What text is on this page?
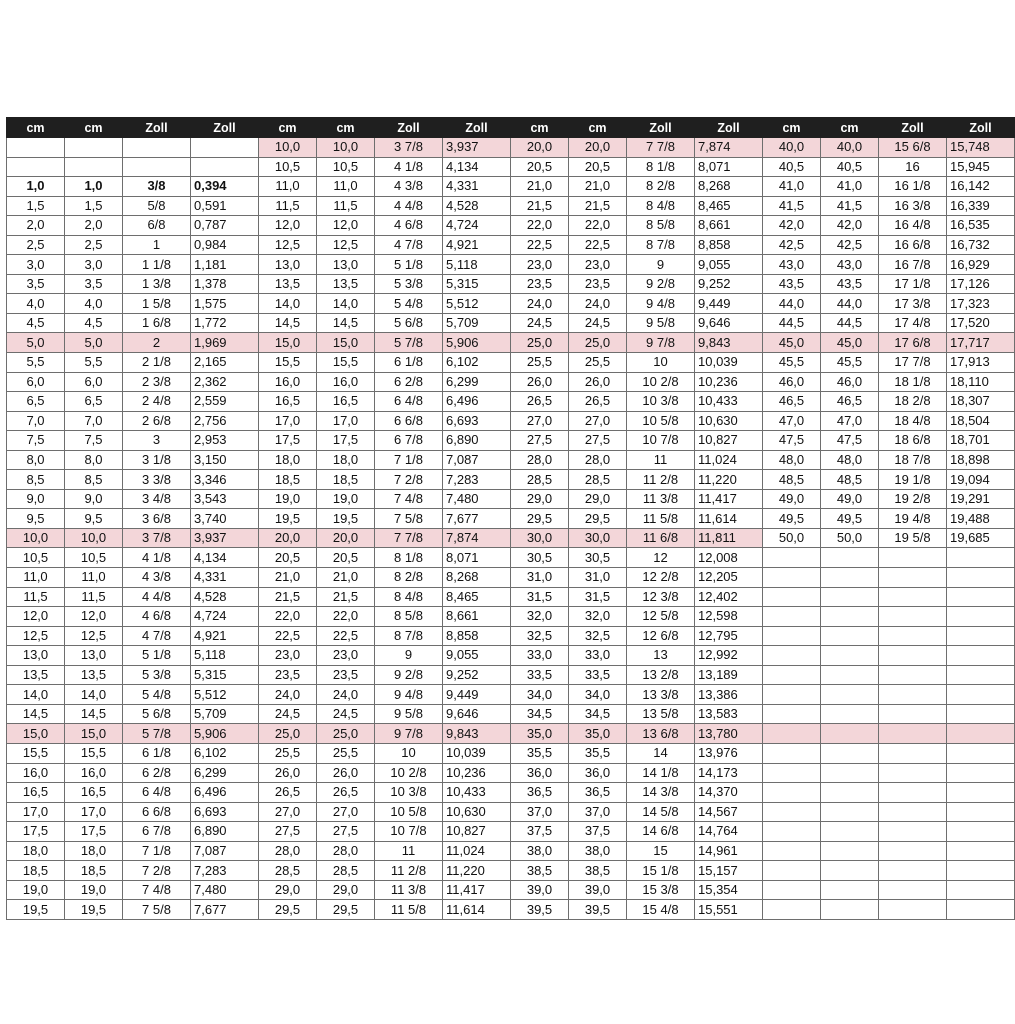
cm	cm	Zoll	Zoll	cm	cm	Zoll	Zoll	cm	cm	Zoll	Zoll	cm	cm	Zoll	Zoll
				10,0	10,0	3 7/8	3,937	20,0	20,0	7 7/8	7,874	40,0	40,0	15 6/8	15,748
				10,5	10,5	4 1/8	4,134	20,5	20,5	8 1/8	8,071	40,5	40,5	16	15,945
1,0	1,0	3/8	0,394	11,0	11,0	4 3/8	4,331	21,0	21,0	8 2/8	8,268	41,0	41,0	16 1/8	16,142
1,5	1,5	5/8	0,591	11,5	11,5	4 4/8	4,528	21,5	21,5	8 4/8	8,465	41,5	41,5	16 3/8	16,339
2,0	2,0	6/8	0,787	12,0	12,0	4 6/8	4,724	22,0	22,0	8 5/8	8,661	42,0	42,0	16 4/8	16,535
2,5	2,5	1	0,984	12,5	12,5	4 7/8	4,921	22,5	22,5	8 7/8	8,858	42,5	42,5	16 6/8	16,732
3,0	3,0	1 1/8	1,181	13,0	13,0	5 1/8	5,118	23,0	23,0	9	9,055	43,0	43,0	16 7/8	16,929
3,5	3,5	1 3/8	1,378	13,5	13,5	5 3/8	5,315	23,5	23,5	9 2/8	9,252	43,5	43,5	17 1/8	17,126
4,0	4,0	1 5/8	1,575	14,0	14,0	5 4/8	5,512	24,0	24,0	9 4/8	9,449	44,0	44,0	17 3/8	17,323
4,5	4,5	1 6/8	1,772	14,5	14,5	5 6/8	5,709	24,5	24,5	9 5/8	9,646	44,5	44,5	17 4/8	17,520
5,0	5,0	2	1,969	15,0	15,0	5 7/8	5,906	25,0	25,0	9 7/8	9,843	45,0	45,0	17 6/8	17,717
5,5	5,5	2 1/8	2,165	15,5	15,5	6 1/8	6,102	25,5	25,5	10	10,039	45,5	45,5	17 7/8	17,913
6,0	6,0	2 3/8	2,362	16,0	16,0	6 2/8	6,299	26,0	26,0	10 2/8	10,236	46,0	46,0	18 1/8	18,110
6,5	6,5	2 4/8	2,559	16,5	16,5	6 4/8	6,496	26,5	26,5	10 3/8	10,433	46,5	46,5	18 2/8	18,307
7,0	7,0	2 6/8	2,756	17,0	17,0	6 6/8	6,693	27,0	27,0	10 5/8	10,630	47,0	47,0	18 4/8	18,504
7,5	7,5	3	2,953	17,5	17,5	6 7/8	6,890	27,5	27,5	10 7/8	10,827	47,5	47,5	18 6/8	18,701
8,0	8,0	3 1/8	3,150	18,0	18,0	7 1/8	7,087	28,0	28,0	11	11,024	48,0	48,0	18 7/8	18,898
8,5	8,5	3 3/8	3,346	18,5	18,5	7 2/8	7,283	28,5	28,5	11 2/8	11,220	48,5	48,5	19 1/8	19,094
9,0	9,0	3 4/8	3,543	19,0	19,0	7 4/8	7,480	29,0	29,0	11 3/8	11,417	49,0	49,0	19 2/8	19,291
9,5	9,5	3 6/8	3,740	19,5	19,5	7 5/8	7,677	29,5	29,5	11 5/8	11,614	49,5	49,5	19 4/8	19,488
10,0	10,0	3 7/8	3,937	20,0	20,0	7 7/8	7,874	30,0	30,0	11 6/8	11,811	50,0	50,0	19 5/8	19,685
10,5	10,5	4 1/8	4,134	20,5	20,5	8 1/8	8,071	30,5	30,5	12	12,008				
11,0	11,0	4 3/8	4,331	21,0	21,0	8 2/8	8,268	31,0	31,0	12 2/8	12,205				
11,5	11,5	4 4/8	4,528	21,5	21,5	8 4/8	8,465	31,5	31,5	12 3/8	12,402				
12,0	12,0	4 6/8	4,724	22,0	22,0	8 5/8	8,661	32,0	32,0	12 5/8	12,598				
12,5	12,5	4 7/8	4,921	22,5	22,5	8 7/8	8,858	32,5	32,5	12 6/8	12,795				
13,0	13,0	5 1/8	5,118	23,0	23,0	9	9,055	33,0	33,0	13	12,992				
13,5	13,5	5 3/8	5,315	23,5	23,5	9 2/8	9,252	33,5	33,5	13 2/8	13,189				
14,0	14,0	5 4/8	5,512	24,0	24,0	9 4/8	9,449	34,0	34,0	13 3/8	13,386				
14,5	14,5	5 6/8	5,709	24,5	24,5	9 5/8	9,646	34,5	34,5	13 5/8	13,583				
15,0	15,0	5 7/8	5,906	25,0	25,0	9 7/8	9,843	35,0	35,0	13 6/8	13,780				
15,5	15,5	6 1/8	6,102	25,5	25,5	10	10,039	35,5	35,5	14	13,976				
16,0	16,0	6 2/8	6,299	26,0	26,0	10 2/8	10,236	36,0	36,0	14 1/8	14,173				
16,5	16,5	6 4/8	6,496	26,5	26,5	10 3/8	10,433	36,5	36,5	14 3/8	14,370				
17,0	17,0	6 6/8	6,693	27,0	27,0	10 5/8	10,630	37,0	37,0	14 5/8	14,567				
17,5	17,5	6 7/8	6,890	27,5	27,5	10 7/8	10,827	37,5	37,5	14 6/8	14,764				
18,0	18,0	7 1/8	7,087	28,0	28,0	11	11,024	38,0	38,0	15	14,961				
18,5	18,5	7 2/8	7,283	28,5	28,5	11 2/8	11,220	38,5	38,5	15 1/8	15,157				
19,0	19,0	7 4/8	7,480	29,0	29,0	11 3/8	11,417	39,0	39,0	15 3/8	15,354				
19,5	19,5	7 5/8	7,677	29,5	29,5	11 5/8	11,614	39,5	39,5	15 4/8	15,551				
